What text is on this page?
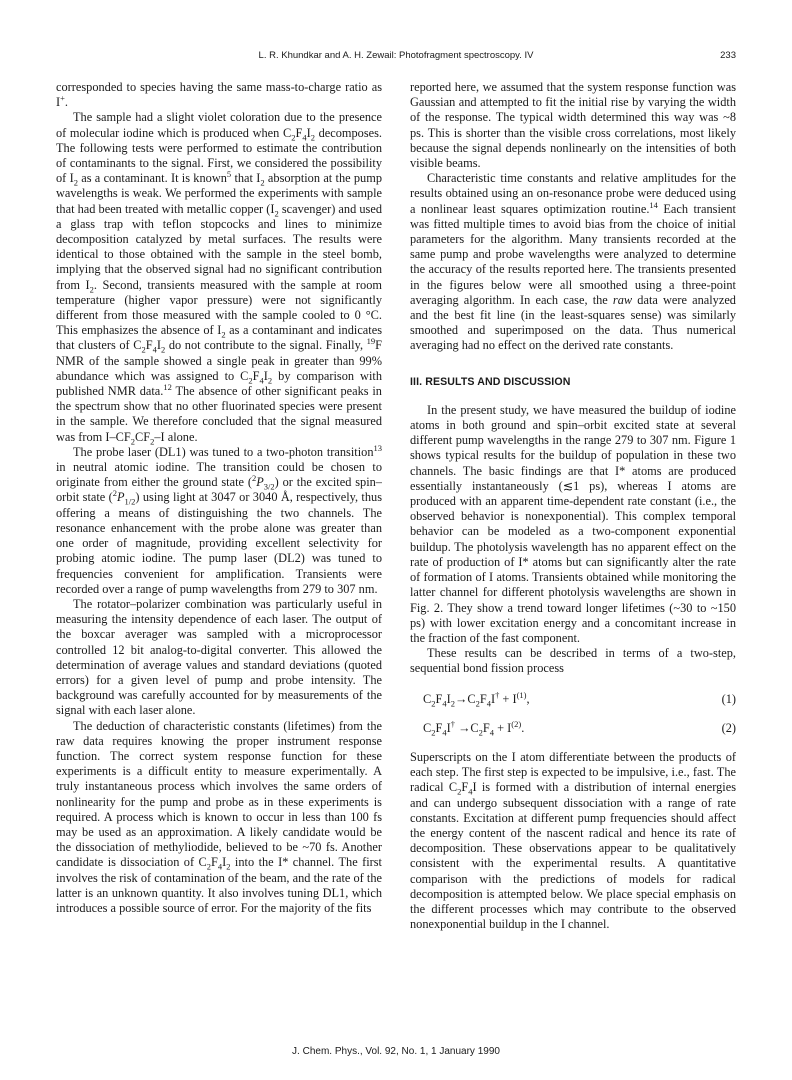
L. R. Khundkar and A. H. Zewail: Photofragment spectroscopy. IV	233

corresponded to species having the same mass-to-charge ratio as I+.

The sample had a slight violet coloration due to the presence of molecular iodine which is produced when $C_2F_4I_2$ decomposes. The following tests were performed to estimate the contribution of contaminants to the signal. First, we considered the possibility of $I_2$ as a contaminant. It is known$^5$ that $I_2$ absorption at the pump wavelengths is weak. We performed the experiments with sample that had been treated with metallic copper ($I_2$ scavenger) and used a glass trap with teflon stopcocks and lines to minimize decomposition catalyzed by metal surfaces. The results were identical to those obtained with the sample in the steel bomb, implying that the observed signal had no significant contribution from $I_2$. Second, transients measured with the sample at room temperature (higher vapor pressure) were not significantly different from those measured with the sample cooled to 0 °C. This emphasizes the absence of $I_2$ as a contaminant and indicates that clusters of $C_2F_4I_2$ do not contribute to the signal. Finally, $^{19}$F NMR of the sample showed a single peak in greater than 99% abundance which was assigned to $C_2F_4I_2$ by comparison with published NMR data.$^{12}$ The absence of other significant peaks in the spectrum show that no other fluorinated species were present in the sample. We therefore concluded that the signal measured was from $I-CF_2CF_2-I$ alone.

The probe laser (DL1) was tuned to a two-photon transition$^{13}$ in neutral atomic iodine. The transition could be chosen to originate from either the ground state $(^2P_{3/2})$ or the excited spin–orbit state $(^2P_{1/2})$ using light at 3047 or 3040 Å, respectively, thus offering a means of distinguishing the two channels. The resonance enhancement with the probe alone was greater than one order of magnitude, providing excellent selectivity for probing atomic iodine. The pump laser (DL2) was tuned to frequencies convenient for amplification. Transients were recorded over a range of pump wavelengths from 279 to 307 nm.

The rotator–polarizer combination was particularly useful in measuring the intensity dependence of each laser. The output of the boxcar averager was sampled with a microprocessor controlled 12 bit analog-to-digital converter. This allowed the determination of average values and standard deviations (quoted errors) for a given level of pump and probe intensity. The background was carefully accounted for by measurements of the signal with each laser alone.

The deduction of characteristic constants (lifetimes) from the raw data requires knowing the proper instrument response function. The correct system response function for these experiments is a difficult entity to measure experimentally. A truly instantaneous process which involves the same orders of nonlinearity for the pump and probe as in these experiments is required. A process which is known to occur in less than 100 fs may be used as an approximation. A likely candidate would be the dissociation of methyliodide, believed to be ~70 fs. Another candidate is dissociation of $C_2F_4I_2$ into the I* channel. The first involves the risk of contamination of the beam, and the rate of the latter is an unknown quantity. It also involves tuning DL1, which introduces a possible source of error. For the majority of the fits

reported here, we assumed that the system response function was Gaussian and attempted to fit the initial rise by varying the width of the response. The typical width determined this way was ~8 ps. This is shorter than the visible cross correlations, most likely because the signal depends nonlinearly on the intensities of both visible beams.

Characteristic time constants and relative amplitudes for the results obtained using an on-resonance probe were deduced using a nonlinear least squares optimization routine.$^{14}$ Each transient was fitted multiple times to avoid bias from the choice of initial parameters for the algorithm. Many transients recorded at the same pump and probe wavelengths were analyzed to determine the accuracy of the results reported here. The transients presented in the figures below were all smoothed using a three-point averaging algorithm. In each case, the raw data were analyzed and the best fit line (in the least-squares sense) was similarly smoothed and superimposed on the data. Thus numerical averaging had no effect on the derived rate constants.

III. RESULTS AND DISCUSSION

In the present study, we have measured the buildup of iodine atoms in both ground and spin–orbit excited state at several different pump wavelengths in the range 279 to 307 nm. Figure 1 shows typical results for the buildup of population in these two channels. The basic findings are that I* atoms are produced essentially instantaneously (≲1 ps), whereas I atoms are produced with an apparent time-dependent rate constant (i.e., the observed behavior is nonexponential). This complex temporal behavior can be modeled as a two-component exponential buildup. The photolysis wavelength has no apparent effect on the rate of production of I* atoms but can significantly alter the rate of formation of I atoms. Transients obtained while monitoring the latter channel for different photolysis wavelengths are shown in Fig. 2. They show a trend toward longer lifetimes (~30 to ~150 ps) with lower excitation energy and a concomitant increase in the fraction of the fast component.

These results can be described in terms of a two-step, sequential bond fission process

$C_2F_4I_2\to C_2F_4I^\dagger + I^{(1)}$,	(1)
$C_2F_4I^\dagger \to C_2F_4 + I^{(2)}$.	(2)

Superscripts on the I atom differentiate between the products of each step. The first step is expected to be impulsive, i.e., fast. The radical $C_2F_4I$ is formed with a distribution of internal energies and can undergo subsequent dissociation with a range of rate constants. Excitation at different pump frequencies should affect the energy content of the nascent radical and hence its rate of decomposition. These observations appear to be qualitatively consistent with the experimental results. A quantitative comparison with the predictions of models for radical decomposition is attempted below. We place special emphasis on the different processes which may contribute to the observed nonexponential buildup in the I channel.

J. Chem. Phys., Vol. 92, No. 1, 1 January 1990
